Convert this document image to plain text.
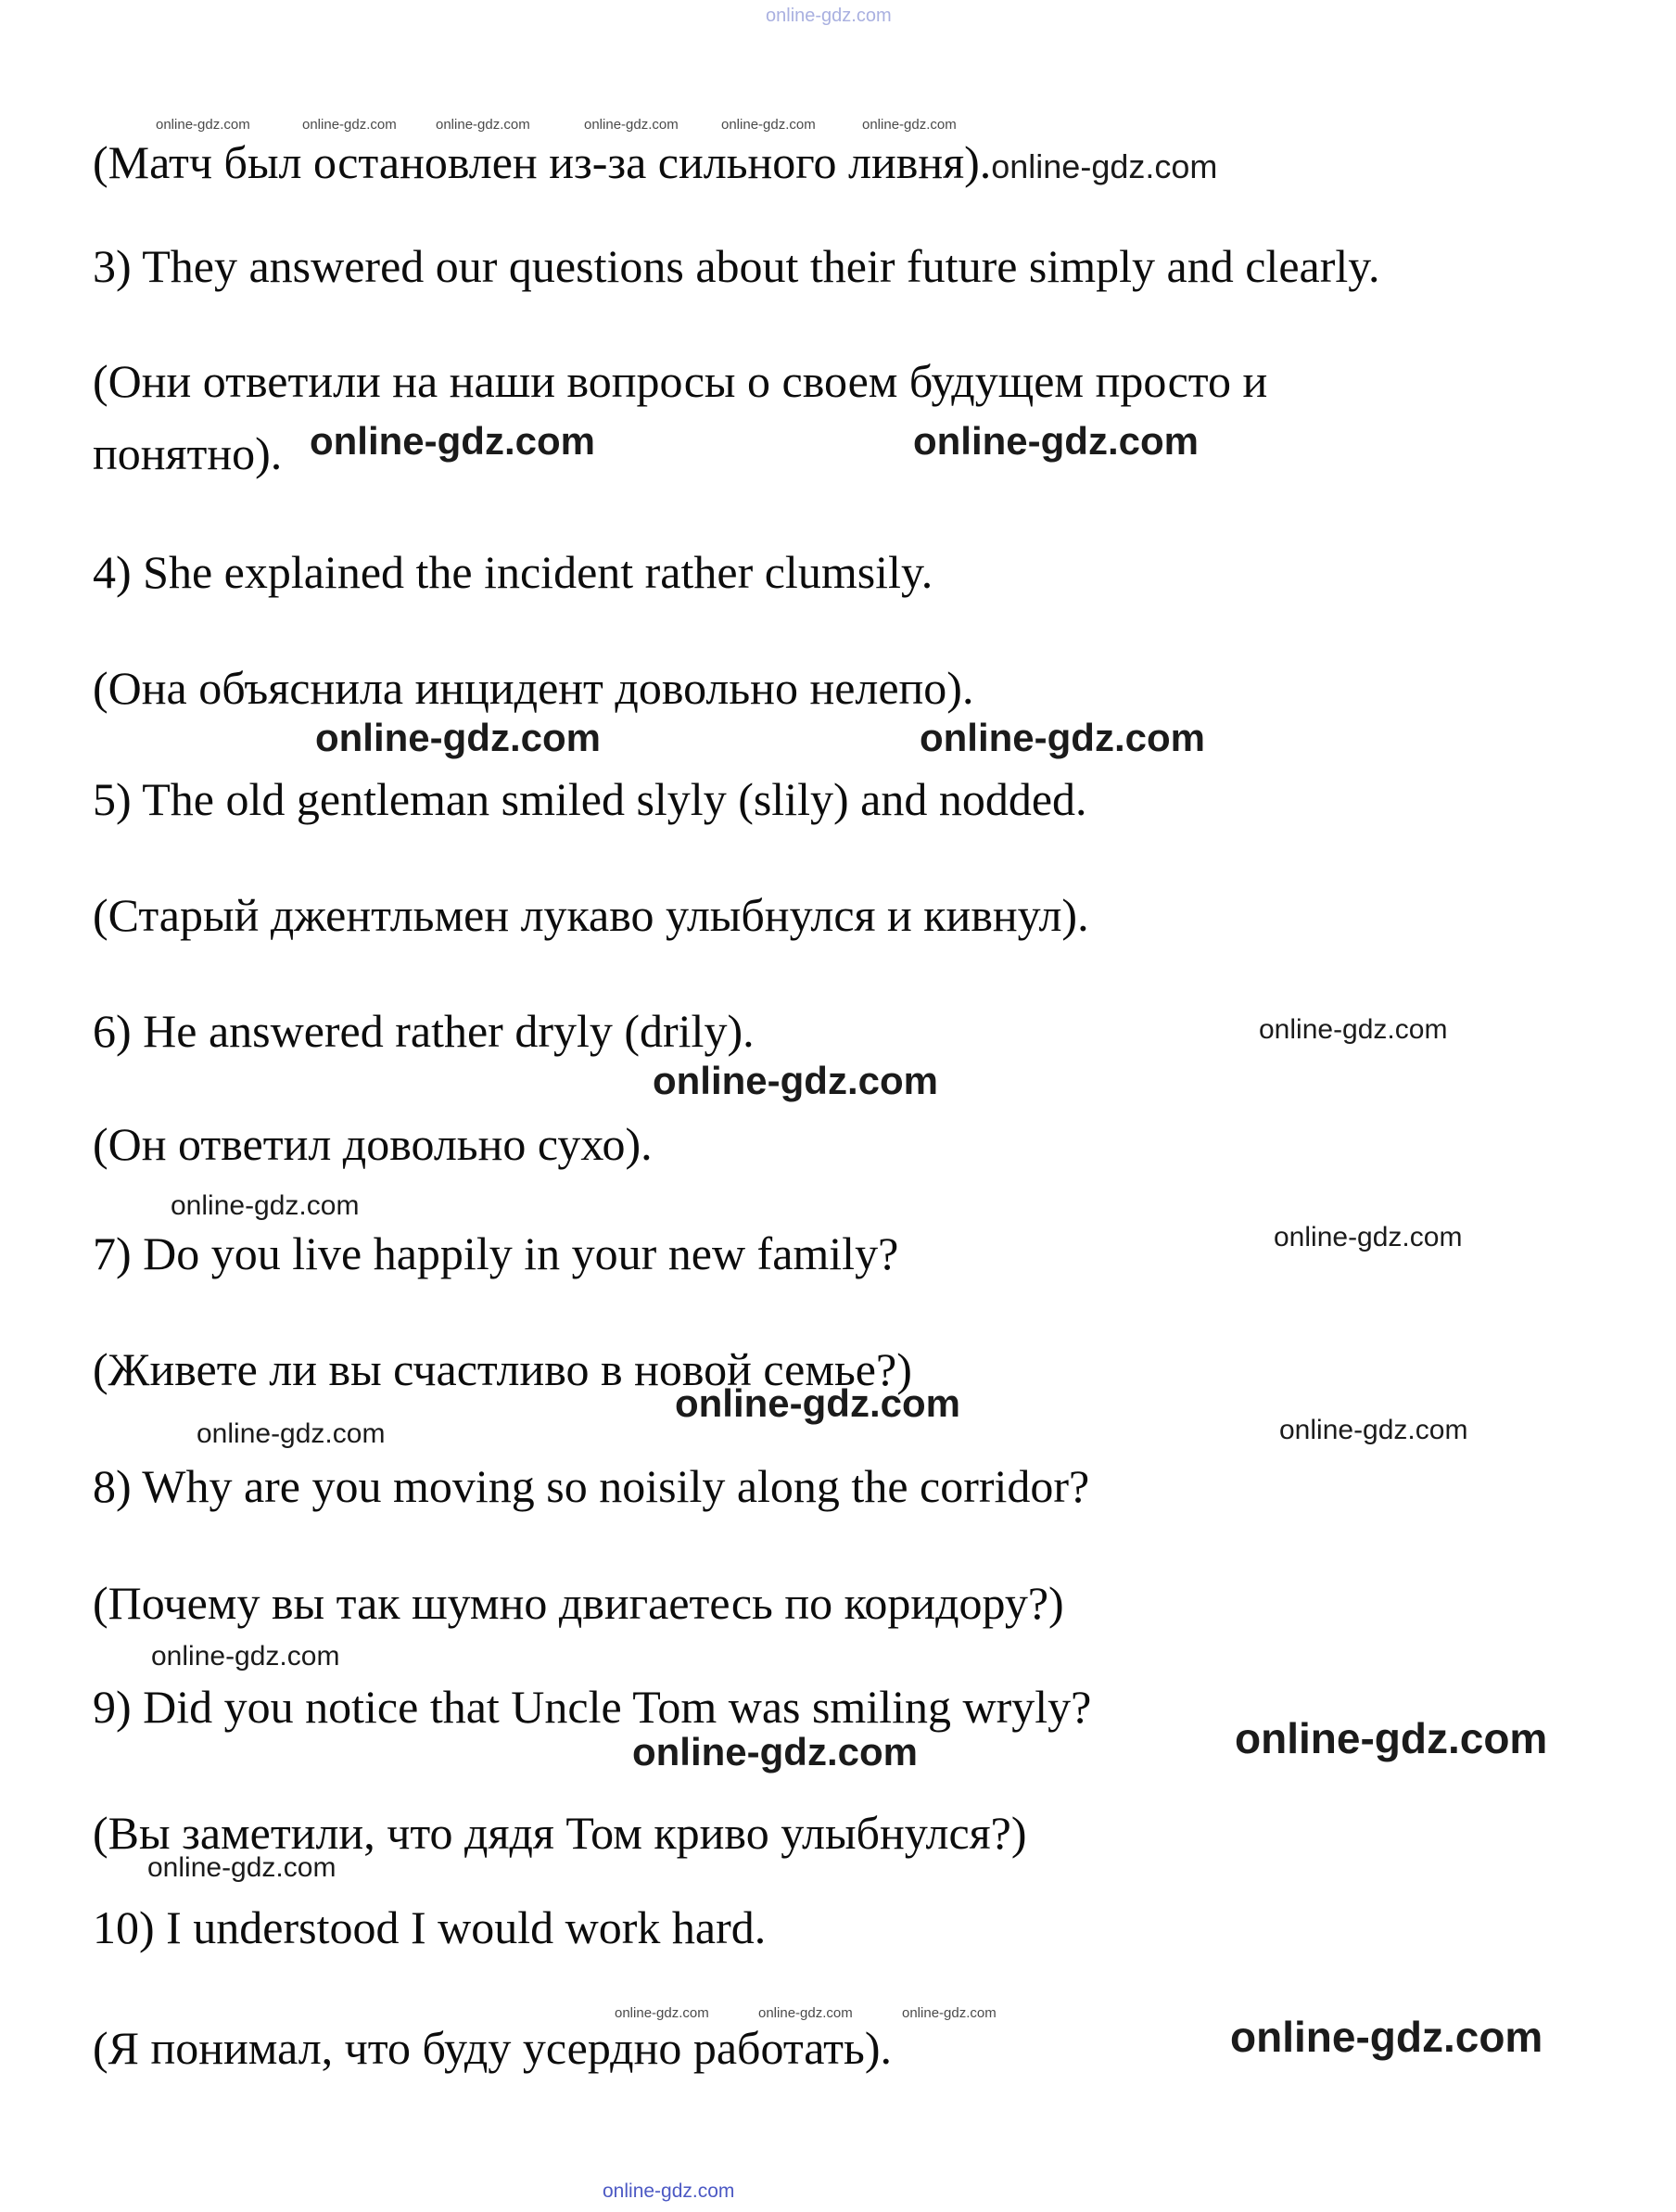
online-gdz.com
online-gdz.com	online-gdz.com	online-gdz.com	online-gdz.com	online-gdz.com	online-gdz.com
(Матч был остановлен из-за сильного ливня).online-gdz.com
3) They answered our questions about their future simply and clearly.
(Они ответили на наши вопросы о своем будущем просто и
понятно). online-gdz.com	online-gdz.com
4) She explained the incident rather clumsily.
(Она объяснила инцидент довольно нелепо).
online-gdz.com	online-gdz.com
5) The old gentleman smiled slyly (slily) and nodded.
(Старый джентльмен лукаво улыбнулся и кивнул).
6) He answered rather dryly (drily).	online-gdz.com
online-gdz.com
(Он ответил довольно сухо).
online-gdz.com
7) Do you live happily in your new family?	online-gdz.com
(Живете ли вы счастливо в новой семье?)
online-gdz.com
online-gdz.com	online-gdz.com
8) Why are you moving so noisily along the corridor?
(Почему вы так шумно двигаетесь по коридору?)
online-gdz.com
9) Did you notice that Uncle Tom was smiling wryly?
online-gdz.com
online-gdz.com
(Вы заметили, что дядя Том криво улыбнулся?)
online-gdz.com
10) I understood I would work hard.
online-gdz.com	online-gdz.com	online-gdz.com
(Я понимал, что буду усердно работать).	online-gdz.com
online-gdz.com
